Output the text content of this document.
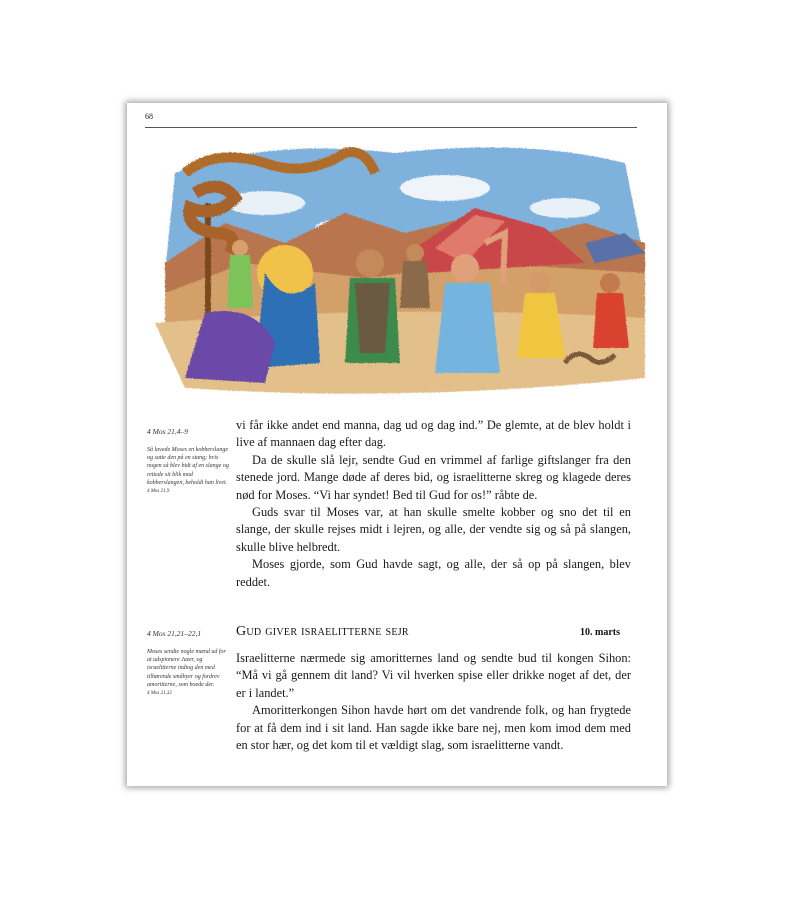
68
4 Mos 21,4–9
Så lavede Moses en kobberslange og satte den på en stang; hvis nogen så blev bidt af en slange og rettede sit blik mod kobberslangen, beholdt han livet.
4 Mos 21,9

vi får ikke andet end manna, dag ud og dag ind.” De glemte, at de blev holdt i live af mannaen dag efter dag.

Da de skulle slå lejr, sendte Gud en vrimmel af farlige giftslanger fra den stenede jord. Mange døde af deres bid, og israelitterne skreg og klagede deres nød for Moses. “Vi har syndet! Bed til Gud for os!” råbte de.

Guds svar til Moses var, at han skulle smelte kobber og sno det til en slange, der skulle rejses midt i lejren, og alle, der vendte sig og så på slangen, skulle blive helbredt.

Moses gjorde, som Gud havde sagt, og alle, der så op på slangen, blev reddet.

Gud giver israelitterne sejr	10. marts
4 Mos 21,21–22,1
Moses sendte nogle mænd ud for at udspionere Jazer, og israelitterne indtog den med tilhørende småbyer og fordrev amoritterne, som boede der.
4 Mos 21,32

Israelitterne nærmede sig amoritternes land og sendte bud til kongen Sihon: “Må vi gå gennem dit land? Vi vil hverken spise eller drikke noget af det, der er i landet.”

Amoritterkongen Sihon havde hørt om det vandrende folk, og han frygtede for at få dem ind i sit land. Han sagde ikke bare nej, men kom imod dem med en stor hær, og det kom til et vældigt slag, som israelitterne vandt.
